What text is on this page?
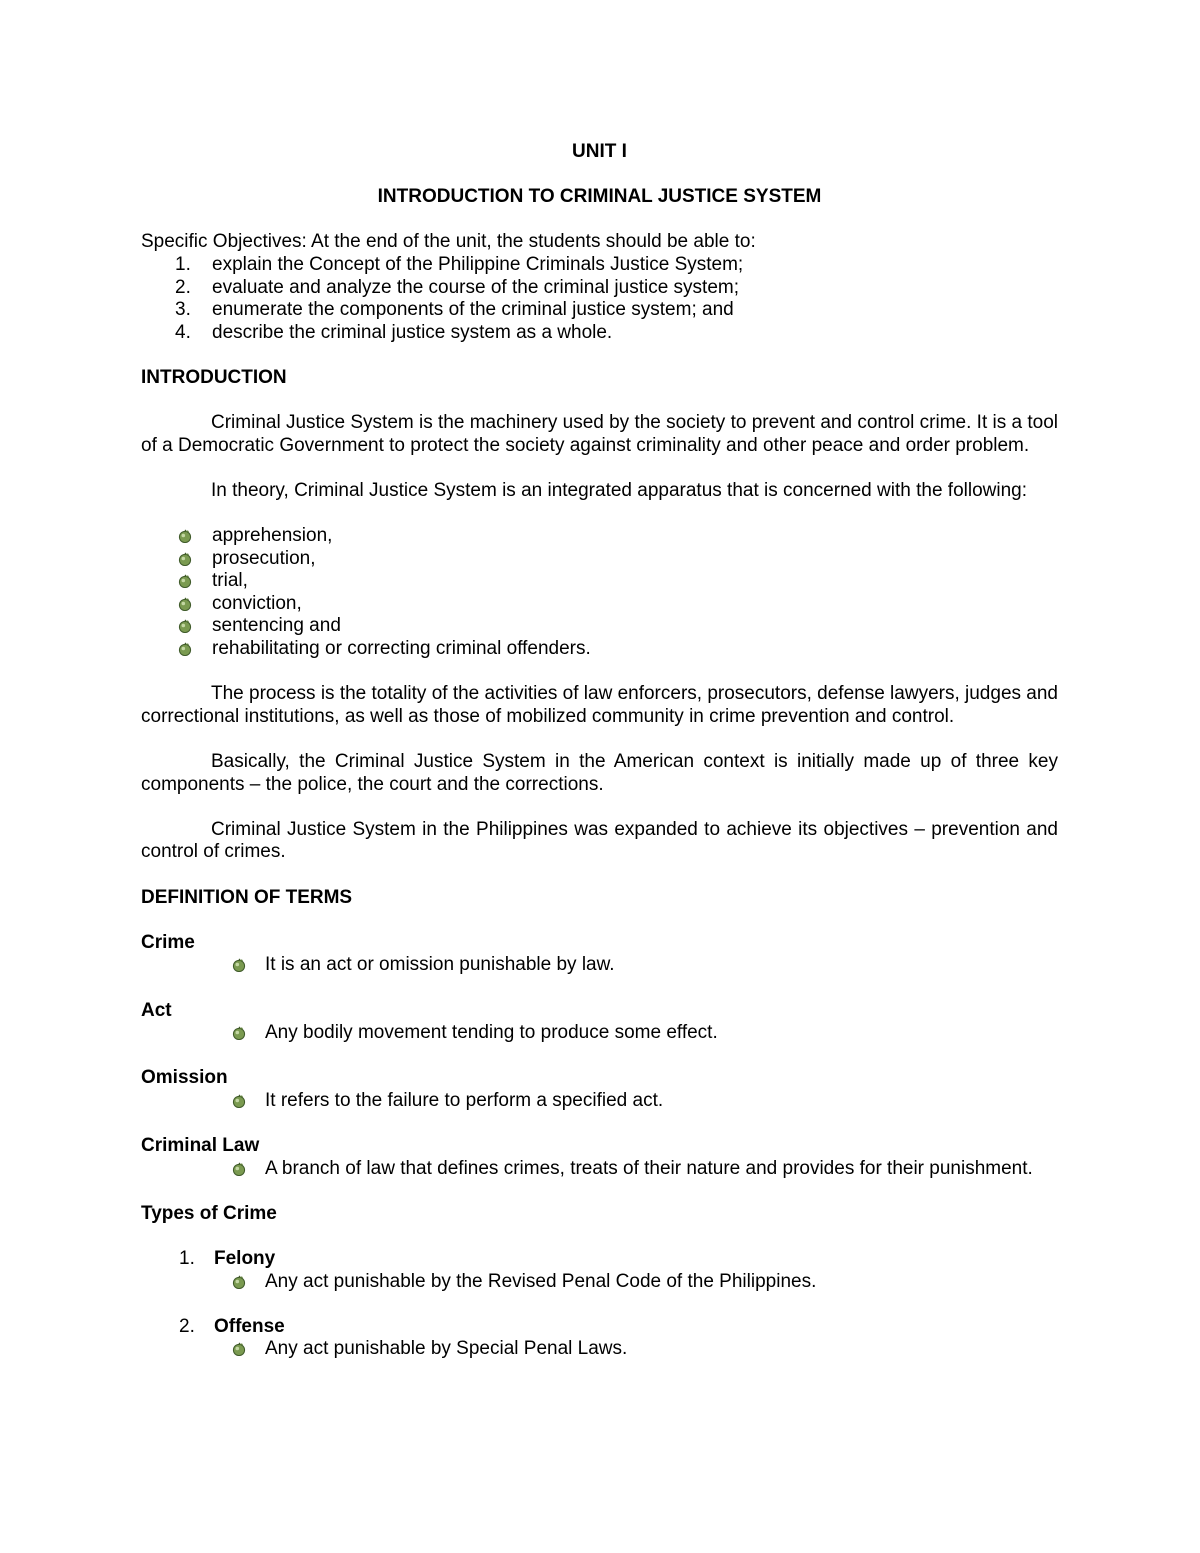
UNIT I

INTRODUCTION TO CRIMINAL JUSTICE SYSTEM

Specific Objectives: At the end of the unit, the students should be able to:

1. explain the Concept of the Philippine Criminals Justice System;
2. evaluate and analyze the course of the criminal justice system;
3. enumerate the components of the criminal justice system; and
4. describe the criminal justice system as a whole.

INTRODUCTION

Criminal Justice System is the machinery used by the society to prevent and control crime. It is a tool of a Democratic Government to protect the society against criminality and other peace and order problem.

In theory, Criminal Justice System is an integrated apparatus that is concerned with the following:

apprehension,
prosecution,
trial,
conviction,
sentencing and
rehabilitating or correcting criminal offenders.

The process is the totality of the activities of law enforcers, prosecutors, defense lawyers, judges and correctional institutions, as well as those of mobilized community in crime prevention and control.

Basically, the Criminal Justice System in the American context is initially made up of three key components – the police, the court and the corrections.

Criminal Justice System in the Philippines was expanded to achieve its objectives – prevention and control of crimes.

DEFINITION OF TERMS

Crime

It is an act or omission punishable by law.

Act

Any bodily movement tending to produce some effect.

Omission

It refers to the failure to perform a specified act.

Criminal Law

A branch of law that defines crimes, treats of their nature and provides for their punishment.

Types of Crime

1. Felony
Any act punishable by the Revised Penal Code of the Philippines.
2. Offense
Any act punishable by Special Penal Laws.
